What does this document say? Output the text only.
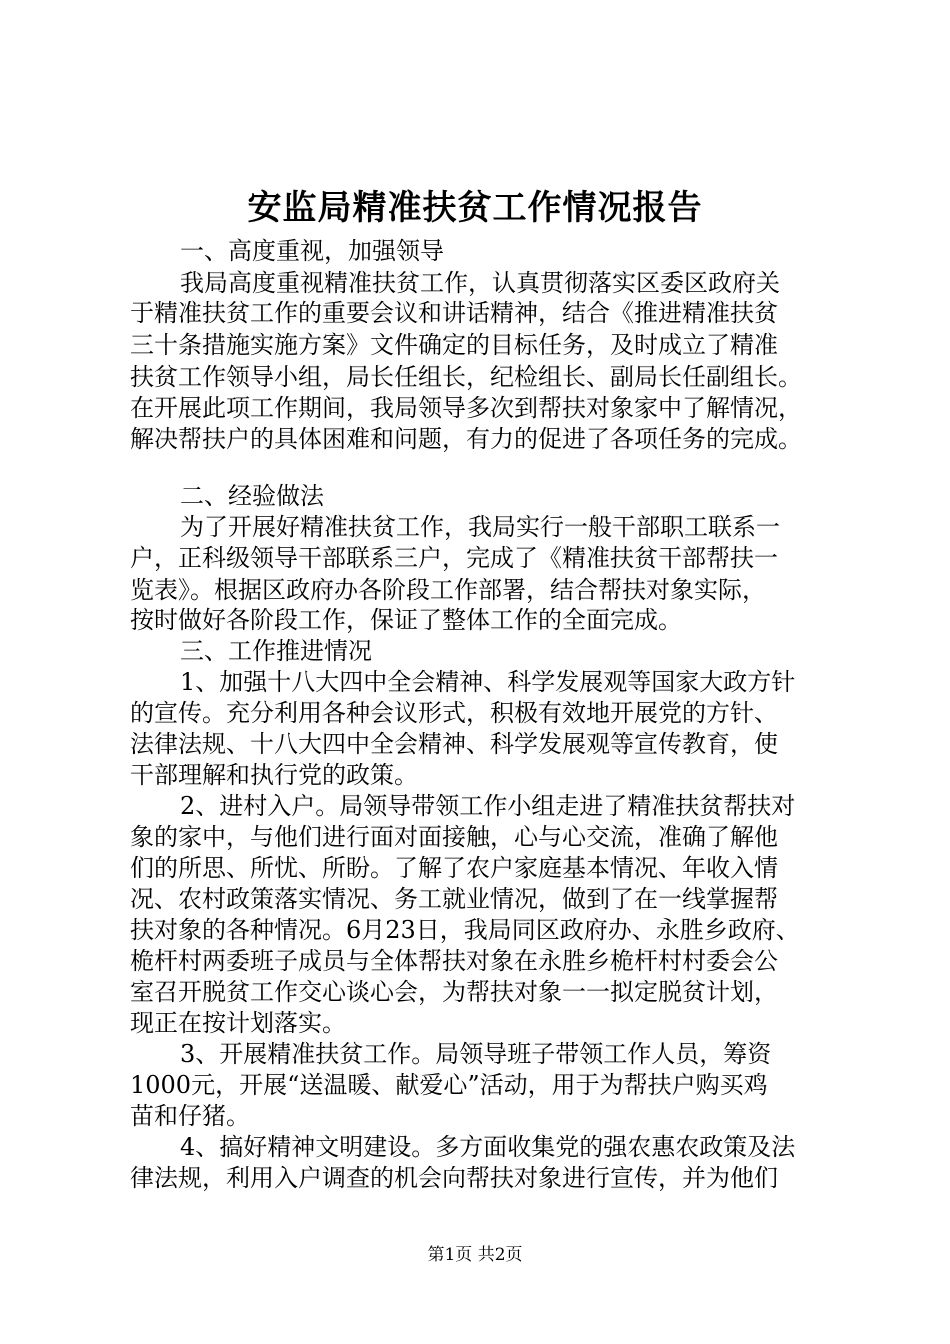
安监局精准扶贫工作情况报告
一、高度重视，加强领导
我局高度重视精准扶贫工作，认真贯彻落实区委区政府关
于精准扶贫工作的重要会议和讲话精神，结合《推进精准扶贫
三十条措施实施方案》文件确定的目标任务，及时成立了精准
扶贫工作领导小组，局长任组长，纪检组长、副局长任副组长。
在开展此项工作期间，我局领导多次到帮扶对象家中了解情况，
解决帮扶户的具体困难和问题，有力的促进了各项任务的完成。
二、经验做法
为了开展好精准扶贫工作，我局实行一般干部职工联系一
户，正科级领导干部联系三户，完成了《精准扶贫干部帮扶一
览表》。根据区政府办各阶段工作部署，结合帮扶对象实际，
按时做好各阶段工作，保证了整体工作的全面完成。
三、工作推进情况
1、加强十八大四中全会精神、科学发展观等国家大政方针
的宣传。充分利用各种会议形式，积极有效地开展党的方针、
法律法规、十八大四中全会精神、科学发展观等宣传教育，使
干部理解和执行党的政策。
2、进村入户。局领导带领工作小组走进了精准扶贫帮扶对
象的家中，与他们进行面对面接触，心与心交流，准确了解他
们的所思、所忧、所盼。了解了农户家庭基本情况、年收入情
况、农村政策落实情况、务工就业情况，做到了在一线掌握帮
扶对象的各种情况。6月23日，我局同区政府办、永胜乡政府、
桅杆村两委班子成员与全体帮扶对象在永胜乡桅杆村村委会公
室召开脱贫工作交心谈心会，为帮扶对象一一拟定脱贫计划，
现正在按计划落实。
3、开展精准扶贫工作。局领导班子带领工作人员，筹资
1000元，开展“送温暖、献爱心”活动，用于为帮扶户购买鸡
苗和仔猪。
4、搞好精神文明建设。多方面收集党的强农惠农政策及法
律法规，利用入户调查的机会向帮扶对象进行宣传，并为他们
第1页 共2页
